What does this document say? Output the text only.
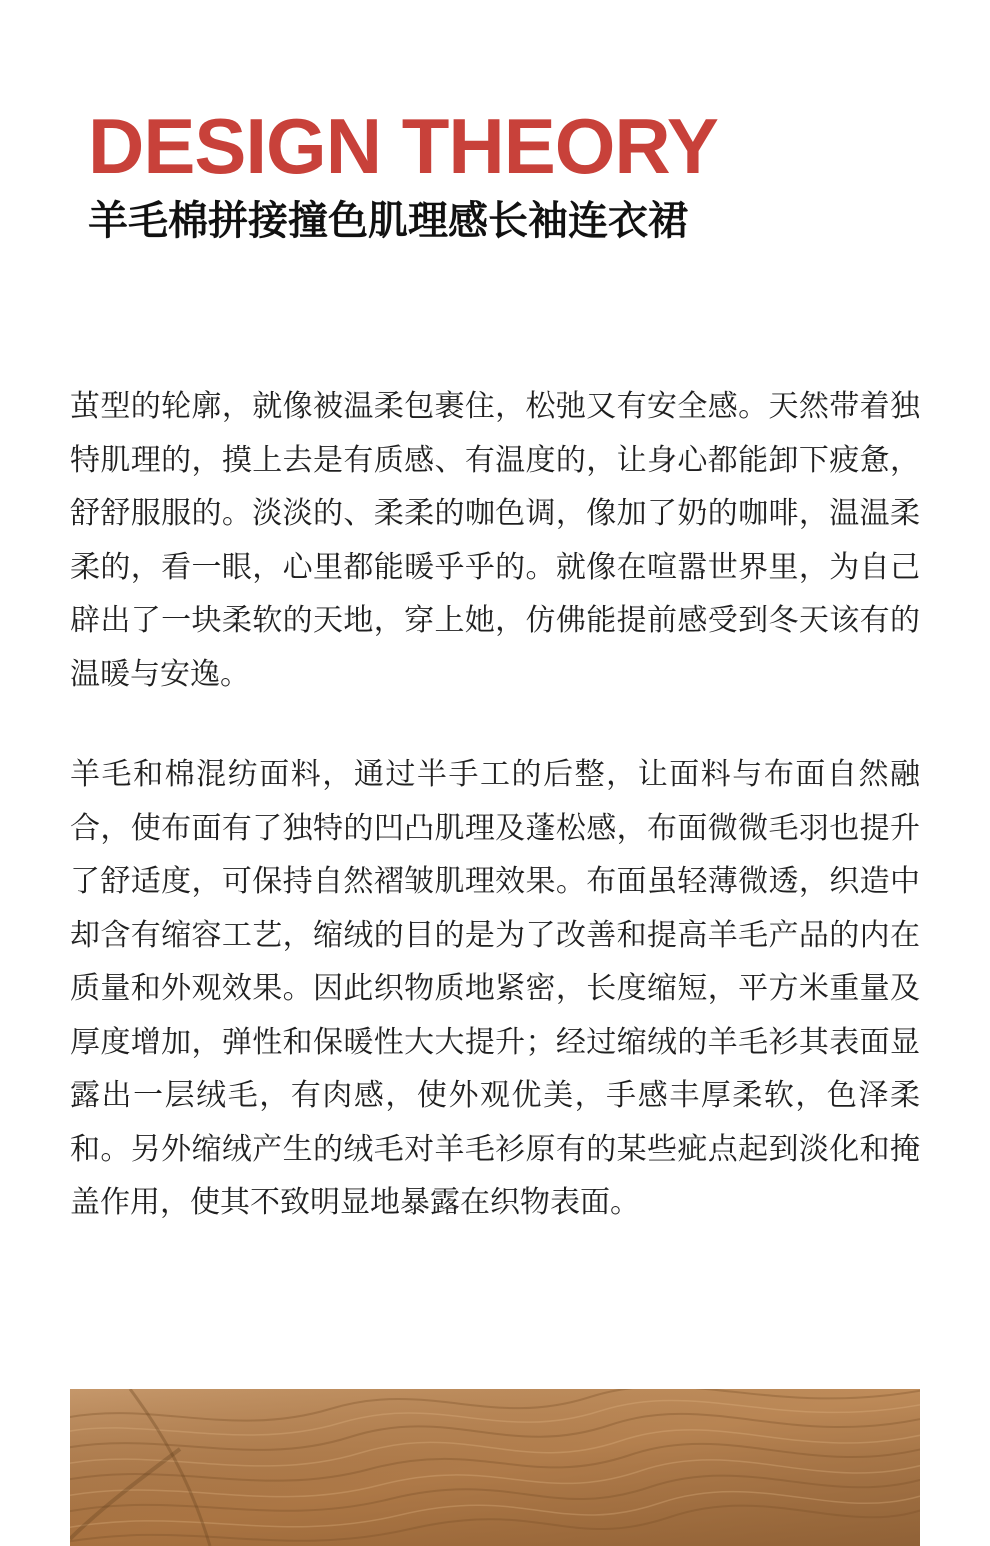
DESIGN THEORY
羊毛棉拼接撞色肌理感长袖连衣裙

茧型的轮廓，就像被温柔包裹住，松弛又有安全感。天然带着独特肌理的，摸上去是有质感、有温度的，让身心都能卸下疲惫，舒舒服服的。淡淡的、柔柔的咖色调，像加了奶的咖啡，温温柔柔的，看一眼，心里都能暖乎乎的。就像在喧嚣世界里，为自己辟出了一块柔软的天地，穿上她，仿佛能提前感受到冬天该有的温暖与安逸。

羊毛和棉混纺面料，通过半手工的后整，让面料与布面自然融合，使布面有了独特的凹凸肌理及蓬松感，布面微微毛羽也提升了舒适度，可保持自然褶皱肌理效果。布面虽轻薄微透，织造中却含有缩容工艺，缩绒的目的是为了改善和提高羊毛产品的内在质量和外观效果。因此织物质地紧密，长度缩短，平方米重量及厚度增加，弹性和保暖性大大提升；经过缩绒的羊毛衫其表面显露出一层绒毛，有肉感，使外观优美，手感丰厚柔软，色泽柔和。另外缩绒产生的绒毛对羊毛衫原有的某些疵点起到淡化和掩盖作用，使其不致明显地暴露在织物表面。
